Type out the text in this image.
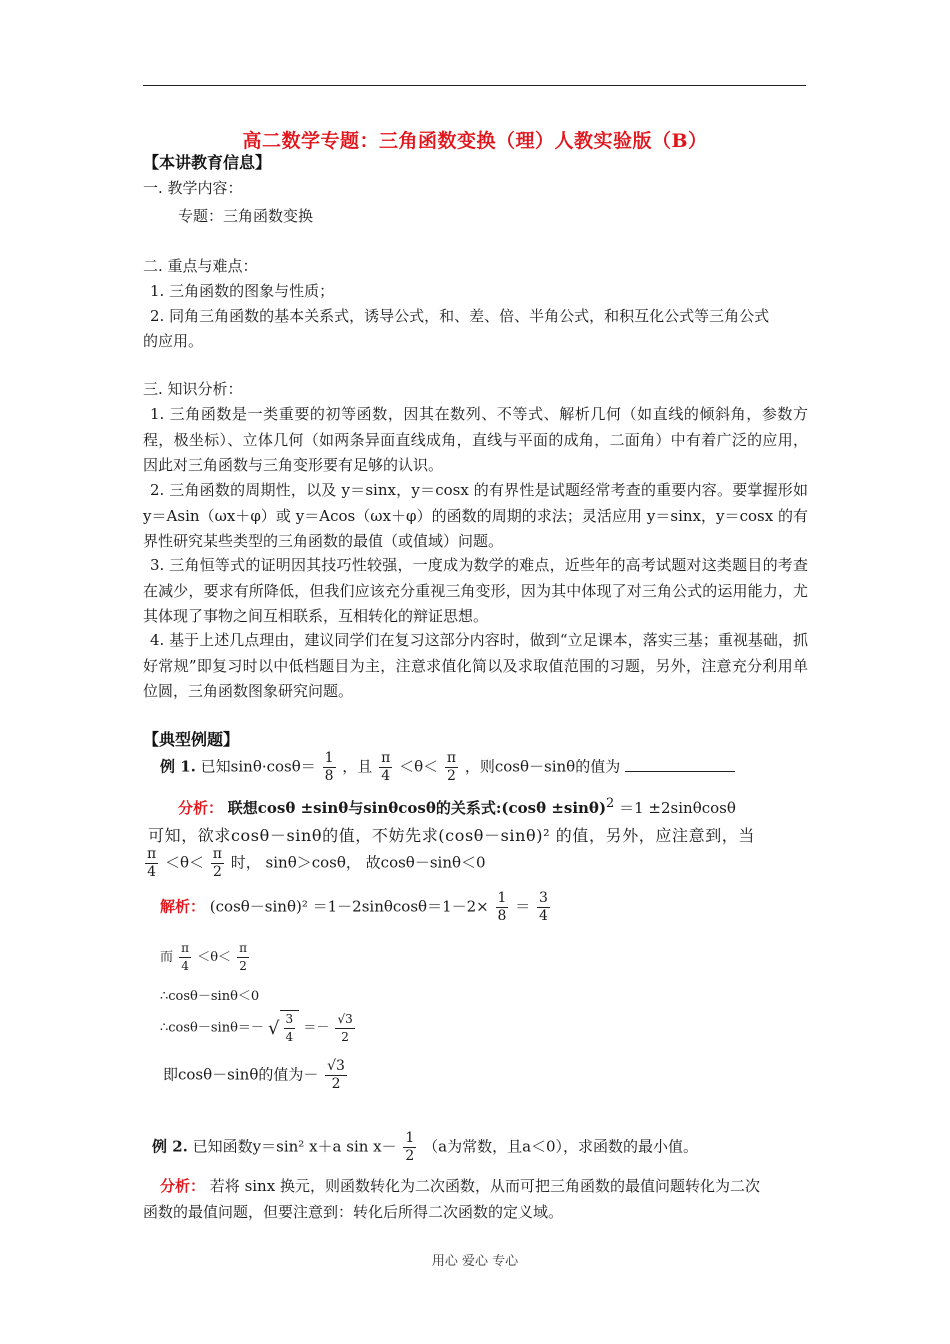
高二数学专题：三角函数变换（理）人教实验版（B）
【本讲教育信息】
一. 教学内容：
专题：三角函数变换
二. 重点与难点：
1. 三角函数的图象与性质；
2. 同角三角函数的基本关系式，诱导公式，和、差、倍、半角公式，和积互化公式等三角公式
的应用。
三. 知识分析：
1. 三角函数是一类重要的初等函数，因其在数列、不等式、解析几何（如直线的倾斜角，参数方程，极坐标）、立体几何（如两条异面直线成角，直线与平面的成角，二面角）中有着广泛的应用，因此对三角函数与三角变形要有足够的认识。
2. 三角函数的周期性，以及 y＝sinx，y＝cosx 的有界性是试题经常考查的重要内容。要掌握形如 y＝Asin（ωx＋φ）或 y＝Acos（ωx＋φ）的函数的周期的求法；灵活应用 y＝sinx，y＝cosx 的有界性研究某些类型的三角函数的最值（或值域）问题。
3. 三角恒等式的证明因其技巧性较强，一度成为数学的难点，近些年的高考试题对这类题目的考查在减少，要求有所降低，但我们应该充分重视三角变形，因为其中体现了对三角公式的运用能力，尤其体现了事物之间互相联系，互相转化的辩证思想。
4. 基于上述几点理由，建议同学们在复习这部分内容时，做到“立足课本，落实三基；重视基础，抓好常规”即复习时以中低档题目为主，注意求值化简以及求取值范围的习题，另外，注意充分利用单位圆，三角函数图象研究问题。
【典型例题】
例 1. 已知$\sin\theta\cdot\cos\theta= \frac{1}{8}$ ，且 $\frac{\pi}{4} <\theta< \frac{\pi}{2}$ ，则cosθ－sinθ的值为
分析： 联想cosθ ±sinθ与sinθcosθ的关系式:(cosθ ±sinθ)$^2$ ＝1 ±2sinθcosθ
可知，欲求cosθ－sinθ的值，不妨先求(cosθ－sinθ)² 的值，另外，应注意到，当
$\frac{\pi}{4} <\theta< \frac{\pi}{2}$ 时， sinθ＞cosθ， 故cosθ－sinθ＜0
解析： $(\cos\theta-\sin\theta)^2 =1-2\sin\theta\cos\theta=1-2\times \frac{1}{8} = \frac{3}{4}$
而 $\frac{\pi}{4} <\theta< \frac{\pi}{2}$
∴cosθ－sinθ＜0
∴cosθ－sinθ＝－ √ $\frac{3}{4} =- \frac{√3}{2}$
即cosθ－sinθ的值为－ $\frac{√3}{2}$
例 2. 已知函数y＝sin² x＋a $\sin x- \frac{1}{2} (a$为常数，且a＜0），求函数的最小值。
分析： 若将 sinx 换元，则函数转化为二次函数，从而可把三角函数的最值问题转化为二次
函数的最值问题，但要注意到：转化后所得二次函数的定义域。
用心 爱心 专心
